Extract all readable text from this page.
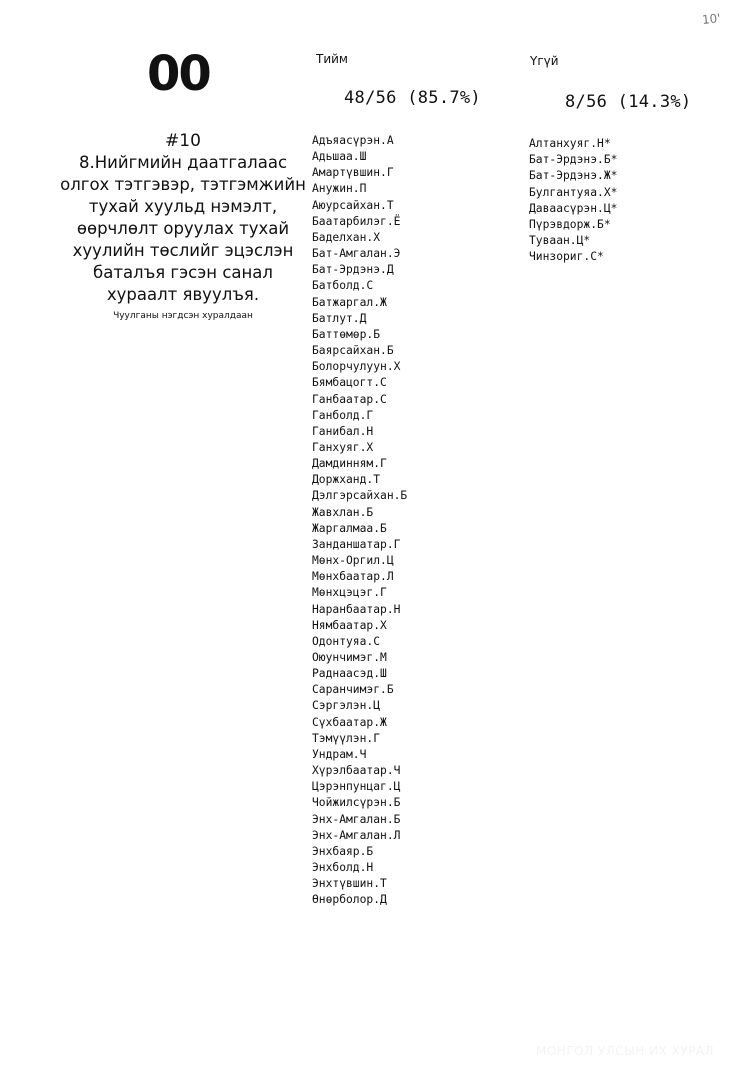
10'
00
#10
8.Нийгмийн даатгалаас олгох тэтгэвэр, тэтгэмжийн тухай хуульд нэмэлт, өөрчлөлт оруулах тухай хуулийн төслийг эцэслэн баталъя гэсэн санал хураалт явуулъя.
Чуулганы нэгдсэн хуралдаан
Тийм
48/56 (85.7%)
Адъяасүрэн.А
Адьшаа.Ш
Амартүвшин.Г
Анужин.П
Аюурсайхан.Т
Баатарбилэг.Ё
Баделхан.Х
Бат-Амгалан.Э
Бат-Эрдэнэ.Д
Батболд.С
Батжаргал.Ж
Батлут.Д
Баттөмөр.Б
Баярсайхан.Б
Болорчулуун.Х
Бямбацогт.С
Ганбаатар.С
Ганболд.Г
Ганибал.Н
Ганхуяг.Х
Дамдинням.Г
Доржханд.Т
Дэлгэрсайхан.Б
Жавхлан.Б
Жаргалмаа.Б
Занданшатар.Г
Мөнх-Оргил.Ц
Мөнхбаатар.Л
Мөнхцэцэг.Г
Наранбаатар.Н
Нямбаатар.Х
Одонтуяа.С
Оюунчимэг.М
Раднаасэд.Ш
Саранчимэг.Б
Сэргэлэн.Ц
Сүхбаатар.Ж
Тэмүүлэн.Г
Ундрам.Ч
Хүрэлбаатар.Ч
Цэрэнпунцаг.Ц
Чойжилсүрэн.Б
Энх-Амгалан.Б
Энх-Амгалан.Л
Энхбаяр.Б
Энхболд.Н
Энхтүвшин.Т
Өнөрболор.Д
Үгүй
8/56 (14.3%)
Алтанхуяг.Н*
Бат-Эрдэнэ.Б*
Бат-Эрдэнэ.Ж*
Булгантуяа.Х*
Даваасүрэн.Ц*
Пүрэвдорж.Б*
Туваан.Ц*
Чинзориг.С*
МОНГОЛ УЛСЫН ИХ ХУРАЛ
